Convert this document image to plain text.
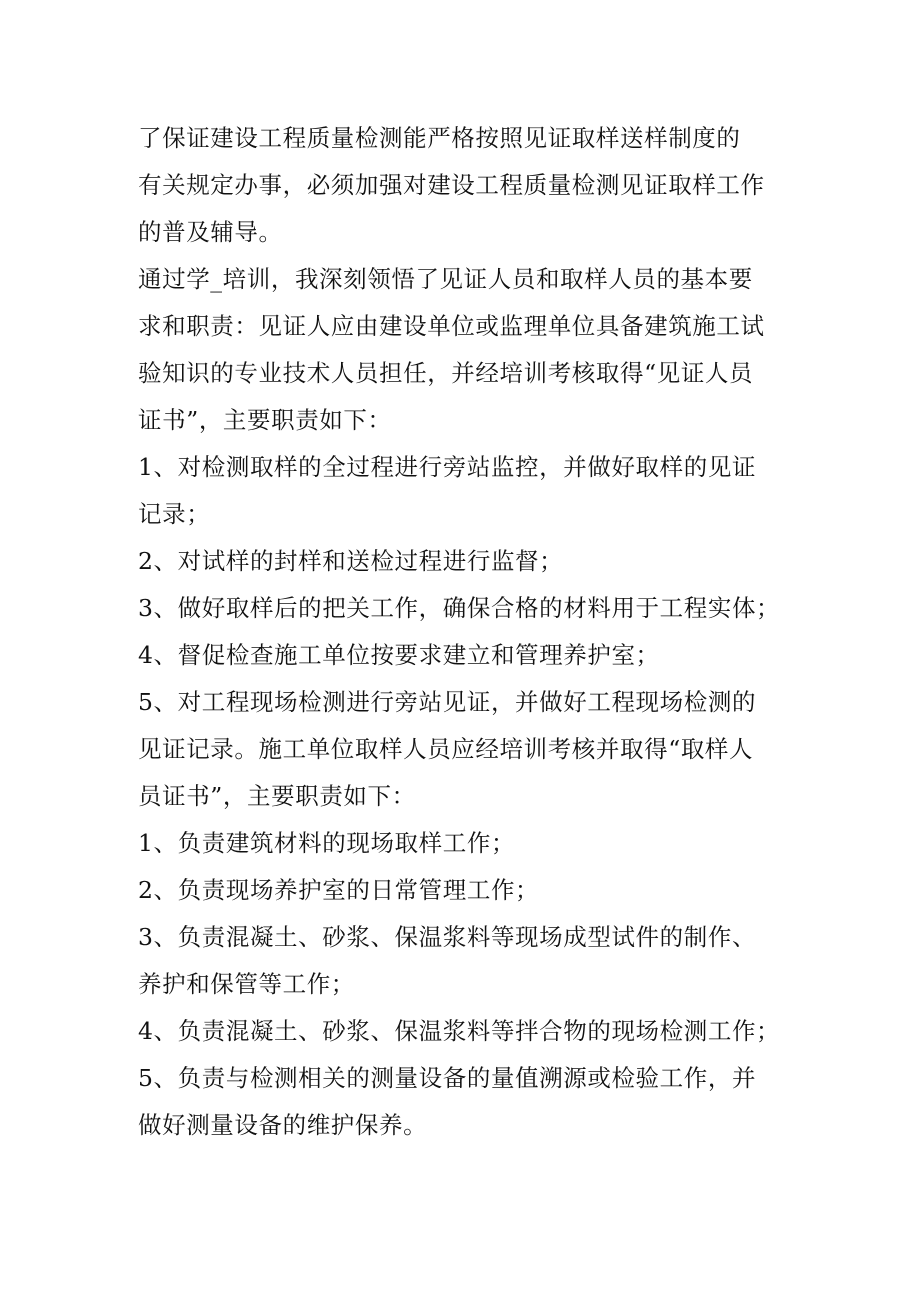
了保证建设工程质量检测能严格按照见证取样送样制度的
有关规定办事，必须加强对建设工程质量检测见证取样工作
的普及辅导。
通过学_培训，我深刻领悟了见证人员和取样人员的基本要
求和职责：见证人应由建设单位或监理单位具备建筑施工试
验知识的专业技术人员担任，并经培训考核取得“见证人员
证书”，主要职责如下：
1、对检测取样的全过程进行旁站监控，并做好取样的见证
记录；
2、对试样的封样和送检过程进行监督；
3、做好取样后的把关工作，确保合格的材料用于工程实体；
4、督促检查施工单位按要求建立和管理养护室；
5、对工程现场检测进行旁站见证，并做好工程现场检测的
见证记录。施工单位取样人员应经培训考核并取得“取样人
员证书”，主要职责如下：
1、负责建筑材料的现场取样工作；
2、负责现场养护室的日常管理工作；
3、负责混凝土、砂浆、保温浆料等现场成型试件的制作、
养护和保管等工作；
4、负责混凝土、砂浆、保温浆料等拌合物的现场检测工作；
5、负责与检测相关的测量设备的量值溯源或检验工作，并
做好测量设备的维护保养。
